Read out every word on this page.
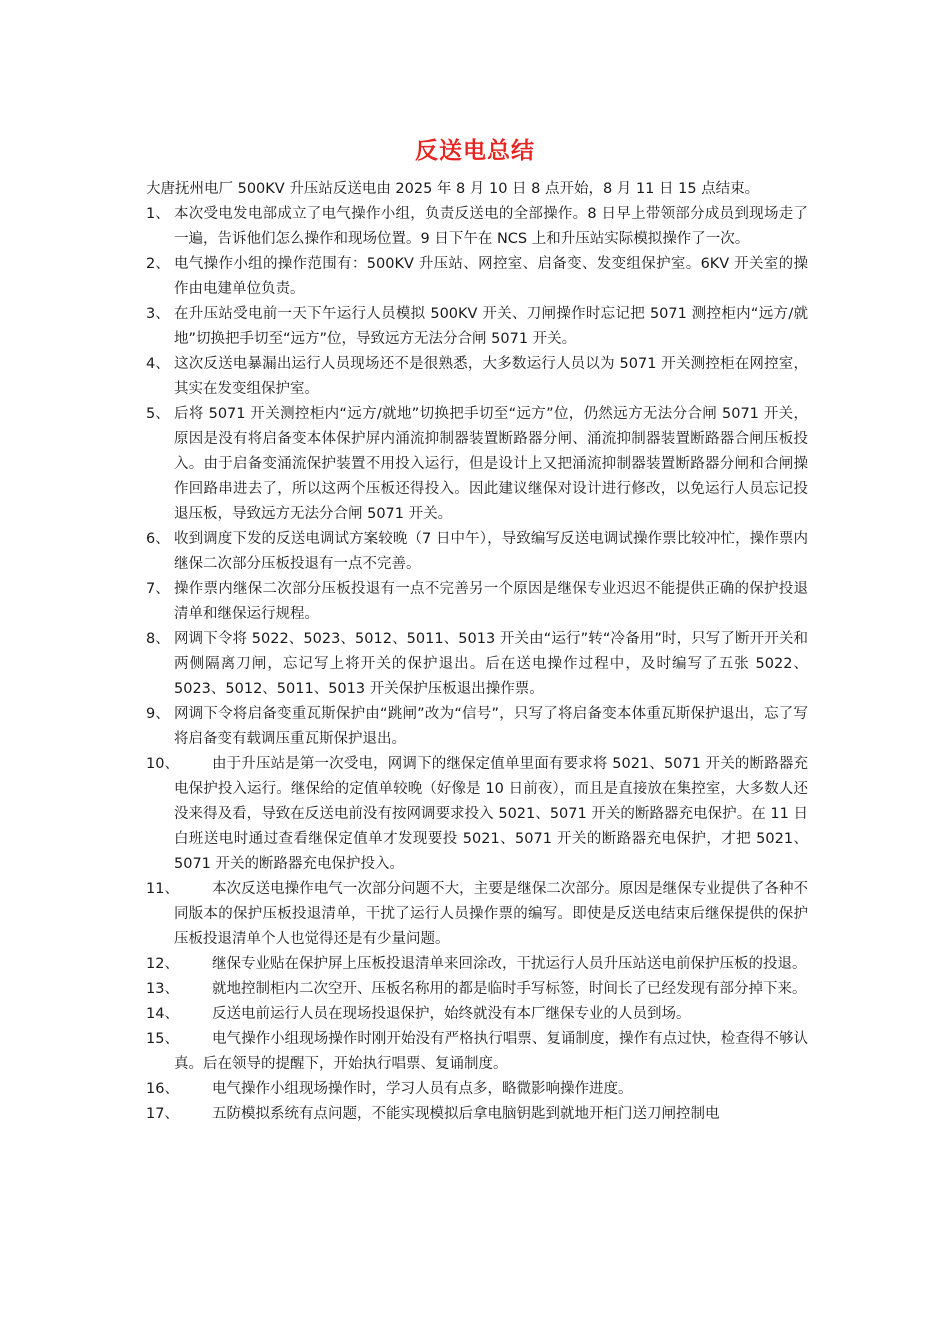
反送电总结
大唐抚州电厂 500KV 升压站反送电由 2025 年 8 月 10 日 8 点开始，8 月 11 日 15 点结束。
1、 本次受电发电部成立了电气操作小组，负责反送电的全部操作。8 日早上带领部分成员到现场走了一遍，告诉他们怎么操作和现场位置。9 日下午在 NCS 上和升压站实际模拟操作了一次。
2、 电气操作小组的操作范围有：500KV 升压站、网控室、启备变、发变组保护室。6KV 开关室的操作由电建单位负责。
3、 在升压站受电前一天下午运行人员模拟 500KV 开关、刀闸操作时忘记把 5071 测控柜内“远方/就地”切换把手切至“远方”位，导致远方无法分合闸 5071 开关。
4、 这次反送电暴漏出运行人员现场还不是很熟悉，大多数运行人员以为 5071 开关测控柜在网控室，其实在发变组保护室。
5、 后将 5071 开关测控柜内“远方/就地”切换把手切至“远方”位，仍然远方无法分合闸 5071 开关，原因是没有将启备变本体保护屏内涌流抑制器装置断路器分闸、涌流抑制器装置断路器合闸压板投入。由于启备变涌流保护装置不用投入运行，但是设计上又把涌流抑制器装置断路器分闸和合闸操作回路串进去了，所以这两个压板还得投入。因此建议继保对设计进行修改，以免运行人员忘记投退压板，导致远方无法分合闸 5071 开关。
6、 收到调度下发的反送电调试方案较晚（7 日中午），导致编写反送电调试操作票比较冲忙，操作票内继保二次部分压板投退有一点不完善。
7、 操作票内继保二次部分压板投退有一点不完善另一个原因是继保专业迟迟不能提供正确的保护投退清单和继保运行规程。
8、 网调下令将 5022、5023、5012、5011、5013 开关由“运行”转“冷备用”时，只写了断开开关和两侧隔离刀闸，忘记写上将开关的保护退出。后在送电操作过程中，及时编写了五张 5022、5023、5012、5011、5013 开关保护压板退出操作票。
9、 网调下令将启备变重瓦斯保护由“跳闸”改为“信号”，只写了将启备变本体重瓦斯保护退出，忘了写将启备变有载调压重瓦斯保护退出。
10、	由于升压站是第一次受电，网调下的继保定值单里面有要求将 5021、5071 开关的断路器充电保护投入运行。继保给的定值单较晚（好像是 10 日前夜），而且是直接放在集控室，大多数人还没来得及看，导致在反送电前没有按网调要求投入 5021、5071 开关的断路器充电保护。在 11 日白班送电时通过查看继保定值单才发现要投 5021、5071 开关的断路器充电保护，才把 5021、5071 开关的断路器充电保护投入。
11、	本次反送电操作电气一次部分问题不大，主要是继保二次部分。原因是继保专业提供了各种不同版本的保护压板投退清单，干扰了运行人员操作票的编写。即使是反送电结束后继保提供的保护压板投退清单个人也觉得还是有少量问题。
12、	继保专业贴在保护屏上压板投退清单来回涂改，干扰运行人员升压站送电前保护压板的投退。
13、	就地控制柜内二次空开、压板名称用的都是临时手写标签，时间长了已经发现有部分掉下来。
14、	反送电前运行人员在现场投退保护，始终就没有本厂继保专业的人员到场。
15、	电气操作小组现场操作时刚开始没有严格执行唱票、复诵制度，操作有点过快，检查得不够认真。后在领导的提醒下，开始执行唱票、复诵制度。
16、	电气操作小组现场操作时，学习人员有点多，略微影响操作进度。
17、	五防模拟系统有点问题，不能实现模拟后拿电脑钥匙到就地开柜门送刀闸控制电
